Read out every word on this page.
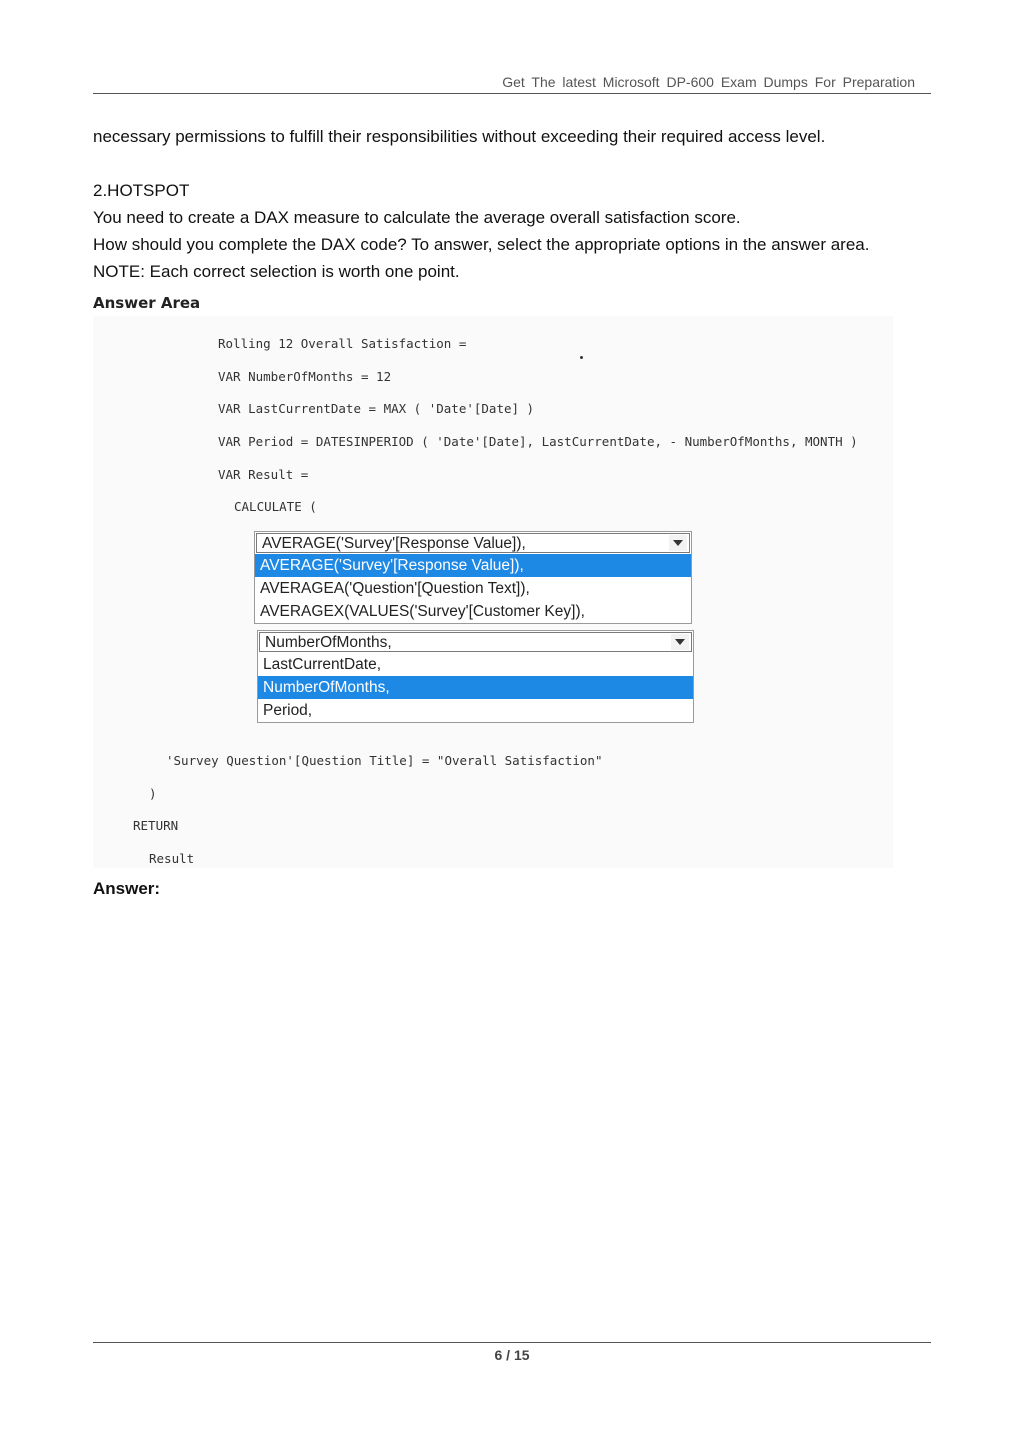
Get The latest Microsoft DP-600 Exam Dumps For Preparation
necessary permissions to fulfill their responsibilities without exceeding their required access level.
2.HOTSPOT
You need to create a DAX measure to calculate the average overall satisfaction score.
How should you complete the DAX code? To answer, select the appropriate options in the answer area.
NOTE: Each correct selection is worth one point.
Answer Area
Rolling 12 Overall Satisfaction =
VAR NumberOfMonths = 12
VAR LastCurrentDate = MAX ( 'Date'[Date] )
VAR Period = DATESINPERIOD ( 'Date'[Date], LastCurrentDate, - NumberOfMonths, MONTH )
VAR Result =
CALCULATE (
AVERAGE('Survey'[Response Value]),
AVERAGE('Survey'[Response Value]),
AVERAGEA('Question'[Question Text]),
AVERAGEX(VALUES('Survey'[Customer Key]),
NumberOfMonths,
LastCurrentDate,
NumberOfMonths,
Period,
'Survey Question'[Question Title] = "Overall Satisfaction"
)
RETURN
Result
Answer:
6 / 15
